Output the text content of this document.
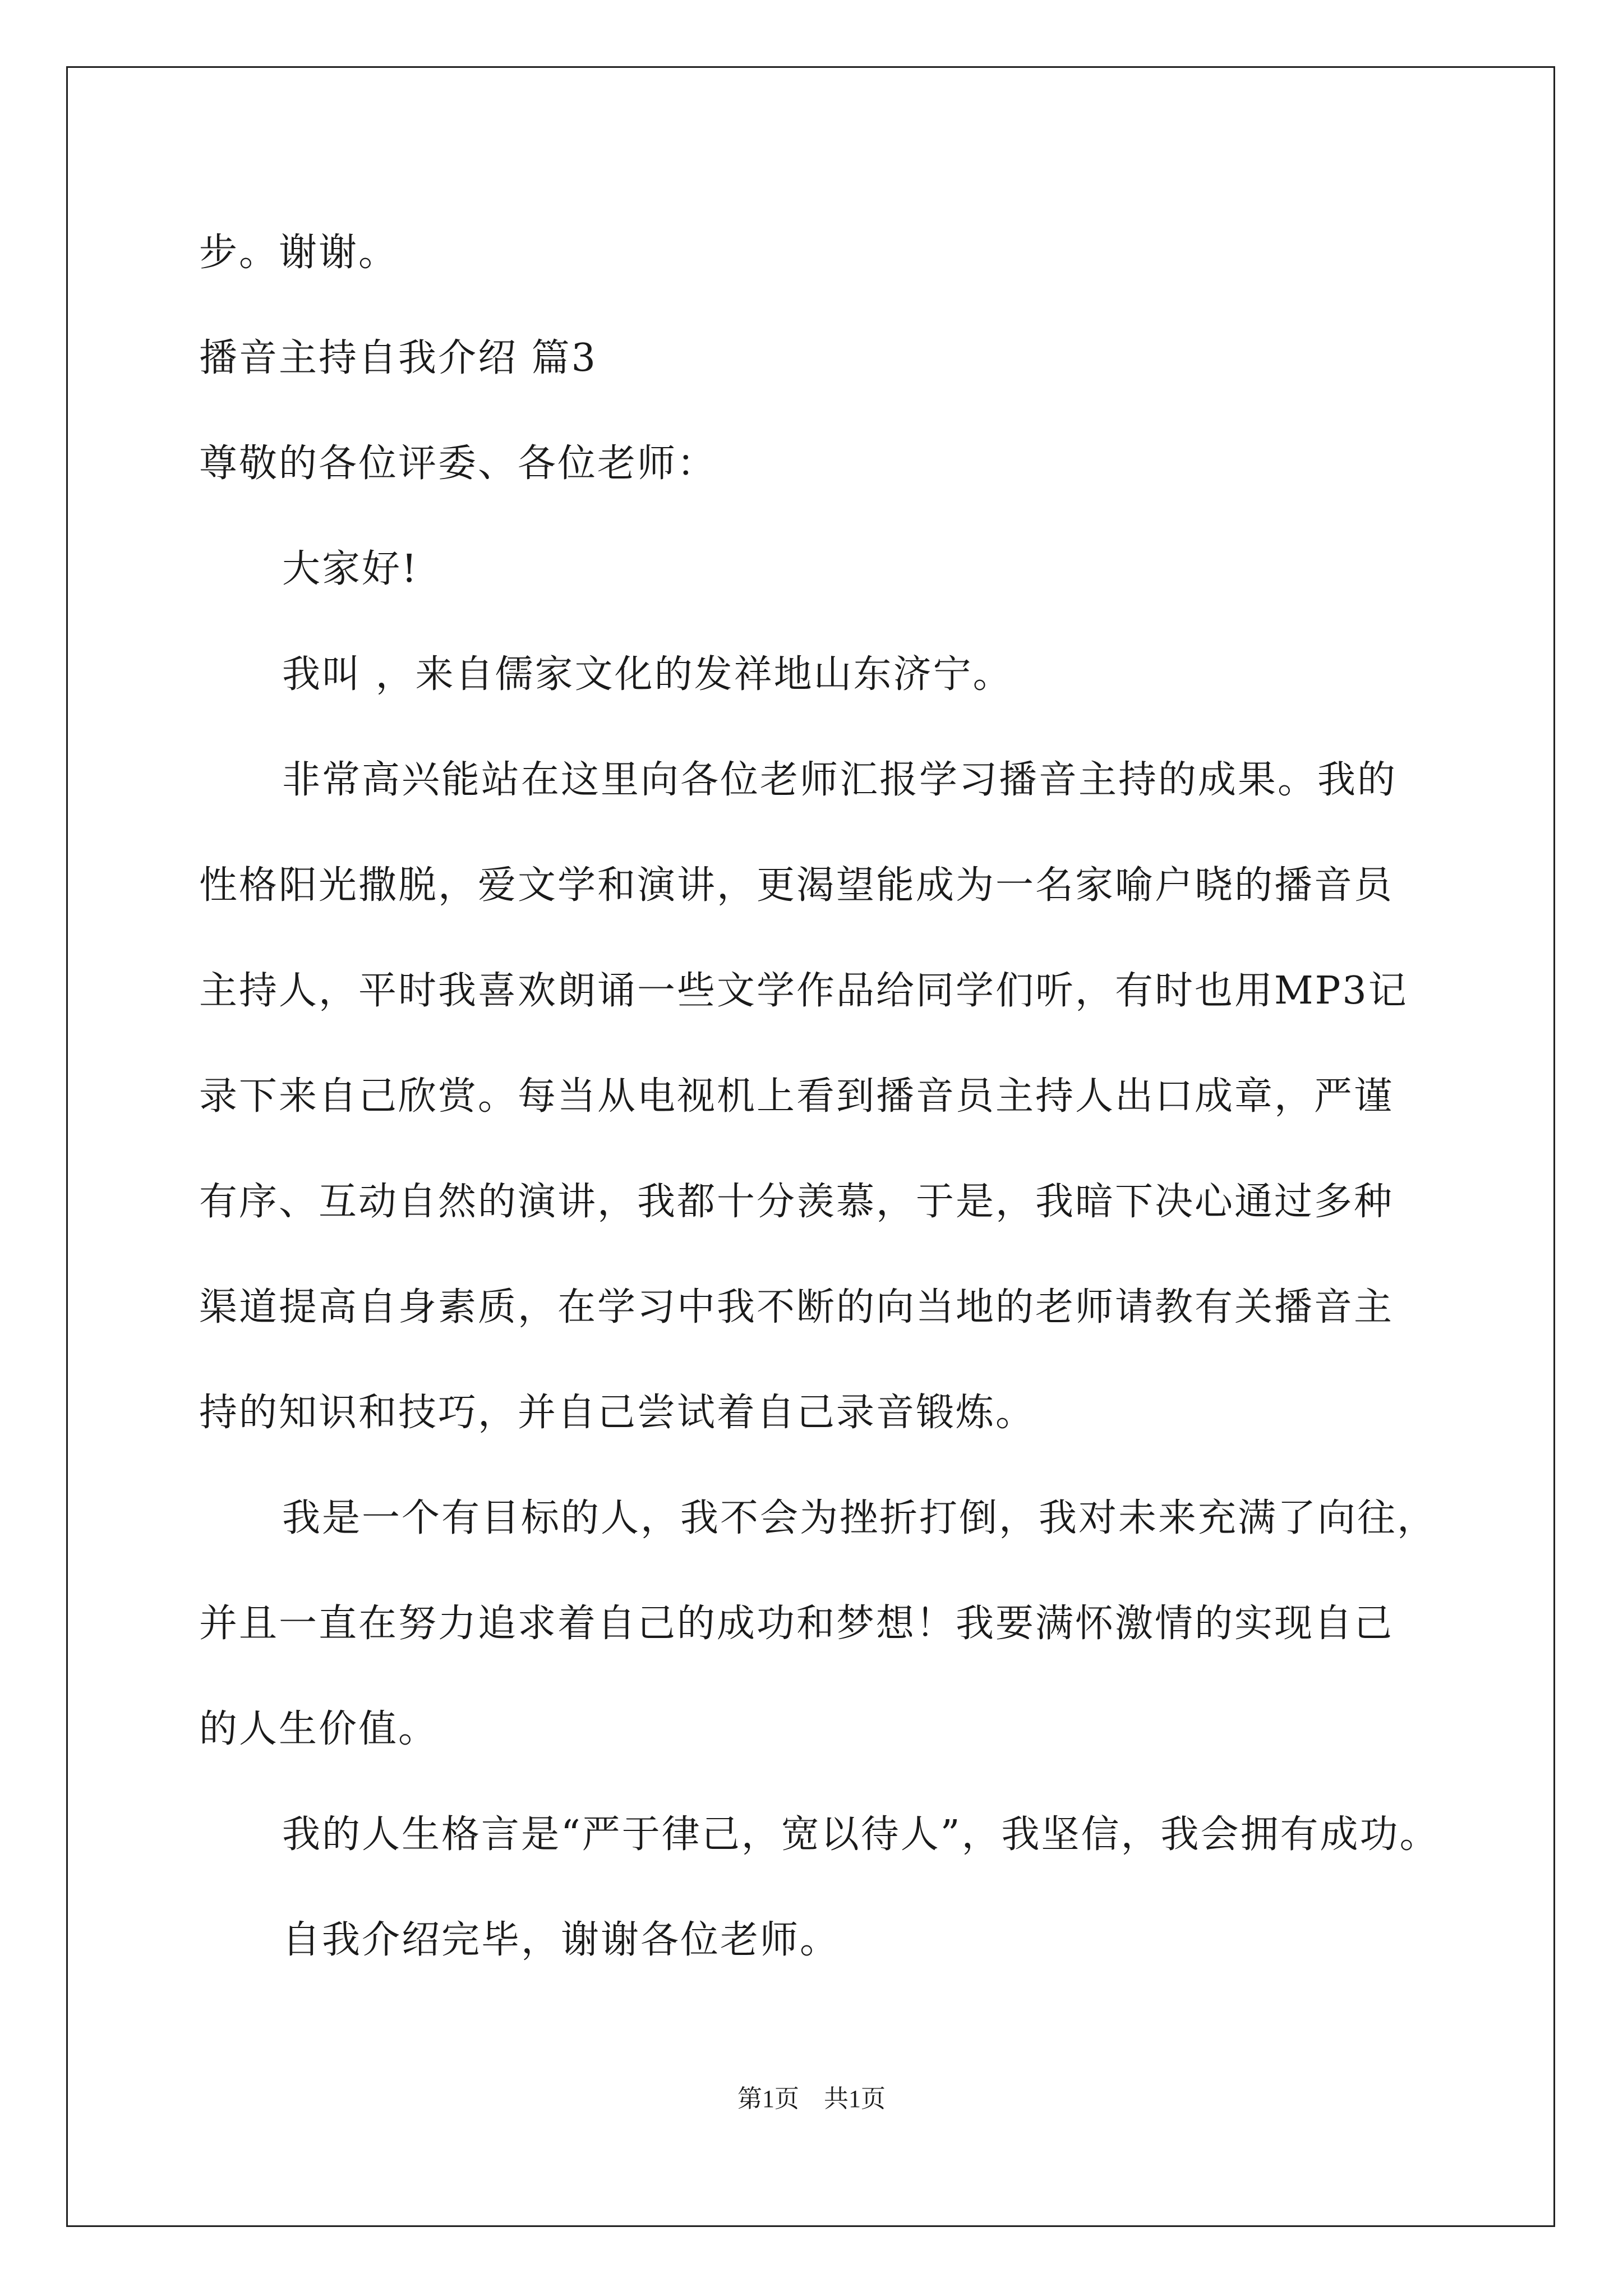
步。谢谢。
播音主持自我介绍 篇3
尊敬的各位评委、各位老师：
大家好!
我叫 ，来自儒家文化的发祥地山东济宁。
非常高兴能站在这里向各位老师汇报学习播音主持的成果。我的
性格阳光撒脱，爱文学和演讲，更渴望能成为一名家喻户晓的播音员
主持人，平时我喜欢朗诵一些文学作品给同学们听，有时也用MP3记
录下来自己欣赏。每当从电视机上看到播音员主持人出口成章，严谨
有序、互动自然的演讲，我都十分羡慕，于是，我暗下决心通过多种
渠道提高自身素质，在学习中我不断的向当地的老师请教有关播音主
持的知识和技巧，并自己尝试着自己录音锻炼。
我是一个有目标的人，我不会为挫折打倒，我对未来充满了向往，
并且一直在努力追求着自己的成功和梦想！我要满怀激情的实现自己
的人生价值。
我的人生格言是“严于律己，宽以待人”，我坚信，我会拥有成功。
自我介绍完毕，谢谢各位老师。
第1页　共1页
